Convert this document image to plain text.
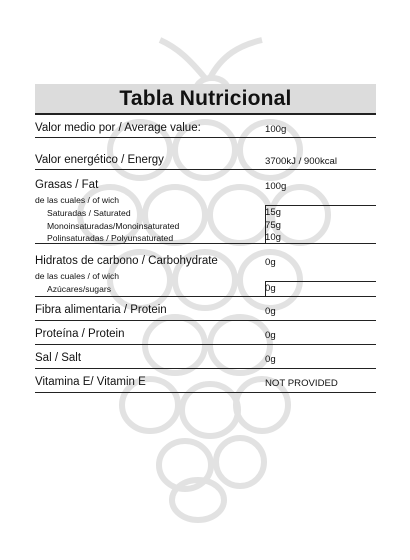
Tabla Nutricional
Valor medio por / Average value:	100g
Valor energético / Energy	3700kJ / 900kcal
Grasas / Fat	100g
de las cuales / of wich
Saturadas / Saturated	15g
Monoinsaturadas/Monoinsaturated	75g
Polinsaturadas / Polyunsaturated	10g
Hidratos de carbono / Carbohydrate	0g
de las cuales / of wich
Azúcares/sugars	0g
Fibra alimentaria / Protein	0g
Proteína / Protein	0g
Sal / Salt	0g
Vitamina E/ Vitamin E	NOT PROVIDED
